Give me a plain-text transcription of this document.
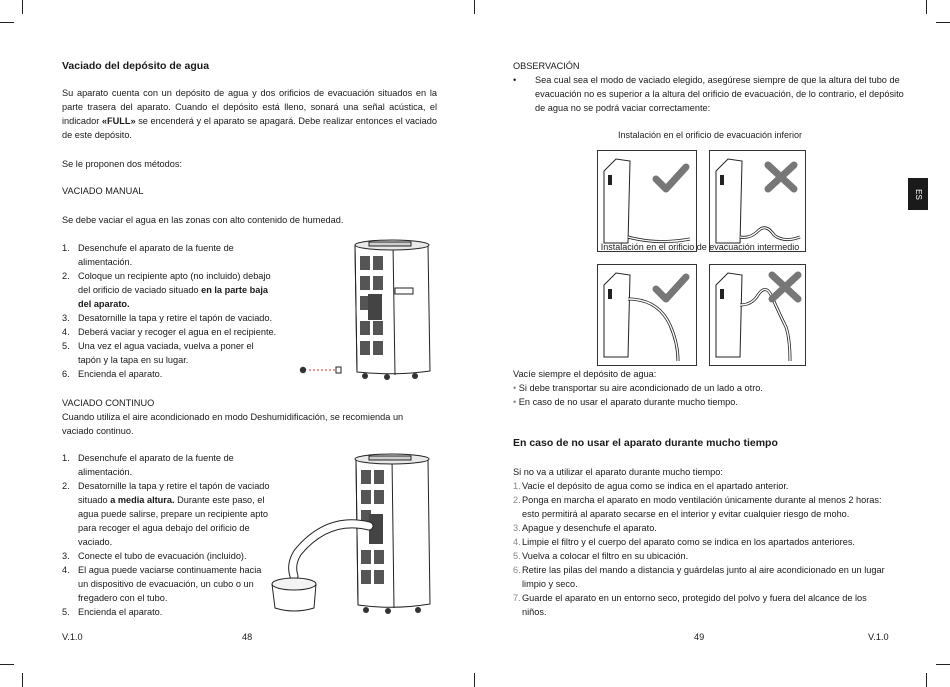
Vaciado del depósito de agua
Su aparato cuenta con un depósito de agua y dos orificios de evacuación situados en la parte trasera del aparato. Cuando el depósito está lleno, sonará una señal acústica, el indicador «FULL» se encenderá y el aparato se apagará. Debe realizar entonces el vaciado de este depósito.
Se le proponen dos métodos:
VACIADO MANUAL
Se debe vaciar el agua en las zonas con alto contenido de humedad.
1. Desenchufe el aparato de la fuente de alimentación.
2. Coloque un recipiente apto (no incluido) debajo del orificio de vaciado situado en la parte baja del aparato.
3. Desatornille la tapa y retire el tapón de vaciado.
4. Deberá vaciar y recoger el agua en el recipiente.
5. Una vez el agua vaciada, vuelva a poner el tapón y la tapa en su lugar.
6. Encienda el aparato.
VACIADO CONTINUO
Cuando utiliza el aire acondicionado en modo Deshumidificación, se recomienda un vaciado continuo.
1. Desenchufe el aparato de la fuente de alimentación.
2. Desatornille la tapa y retire el tapón de vaciado situado a media altura. Durante este paso, el agua puede salirse, prepare un recipiente apto para recoger el agua debajo del orificio de vaciado.
3. Conecte el tubo de evacuación (incluido).
4. El agua puede vaciarse continuamente hacia un dispositivo de evacuación, un cubo o un fregadero con el tubo.
5. Encienda el aparato.
V.1.0	48
OBSERVACIÓN
• Sea cual sea el modo de vaciado elegido, asegúrese siempre de que la altura del tubo de evacuación no es superior a la altura del orificio de evacuación, de lo contrario, el depósito de agua no se podrá vaciar correctamente:
Instalación en el orificio de evacuación inferior
Instalación en el orificio de evacuación intermedio
Vacíe siempre el depósito de agua:
• Si debe transportar su aire acondicionado de un lado a otro.
• En caso de no usar el aparato durante mucho tiempo.
En caso de no usar el aparato durante mucho tiempo
Si no va a utilizar el aparato durante mucho tiempo:
1. Vacíe el depósito de agua como se indica en el apartado anterior.
2. Ponga en marcha el aparato en modo ventilación únicamente durante al menos 2 horas: esto permitirá al aparato secarse en el interior y evitar cualquier riesgo de moho.
3. Apague y desenchufe el aparato.
4. Limpie el filtro y el cuerpo del aparato como se indica en los apartados anteriores.
5. Vuelva a colocar el filtro en su ubicación.
6. Retire las pilas del mando a distancia y guárdelas junto al aire acondicionado en un lugar limpio y seco.
7. Guarde el aparato en un entorno seco, protegido del polvo y fuera del alcance de los niños.
ES
49	V.1.0
